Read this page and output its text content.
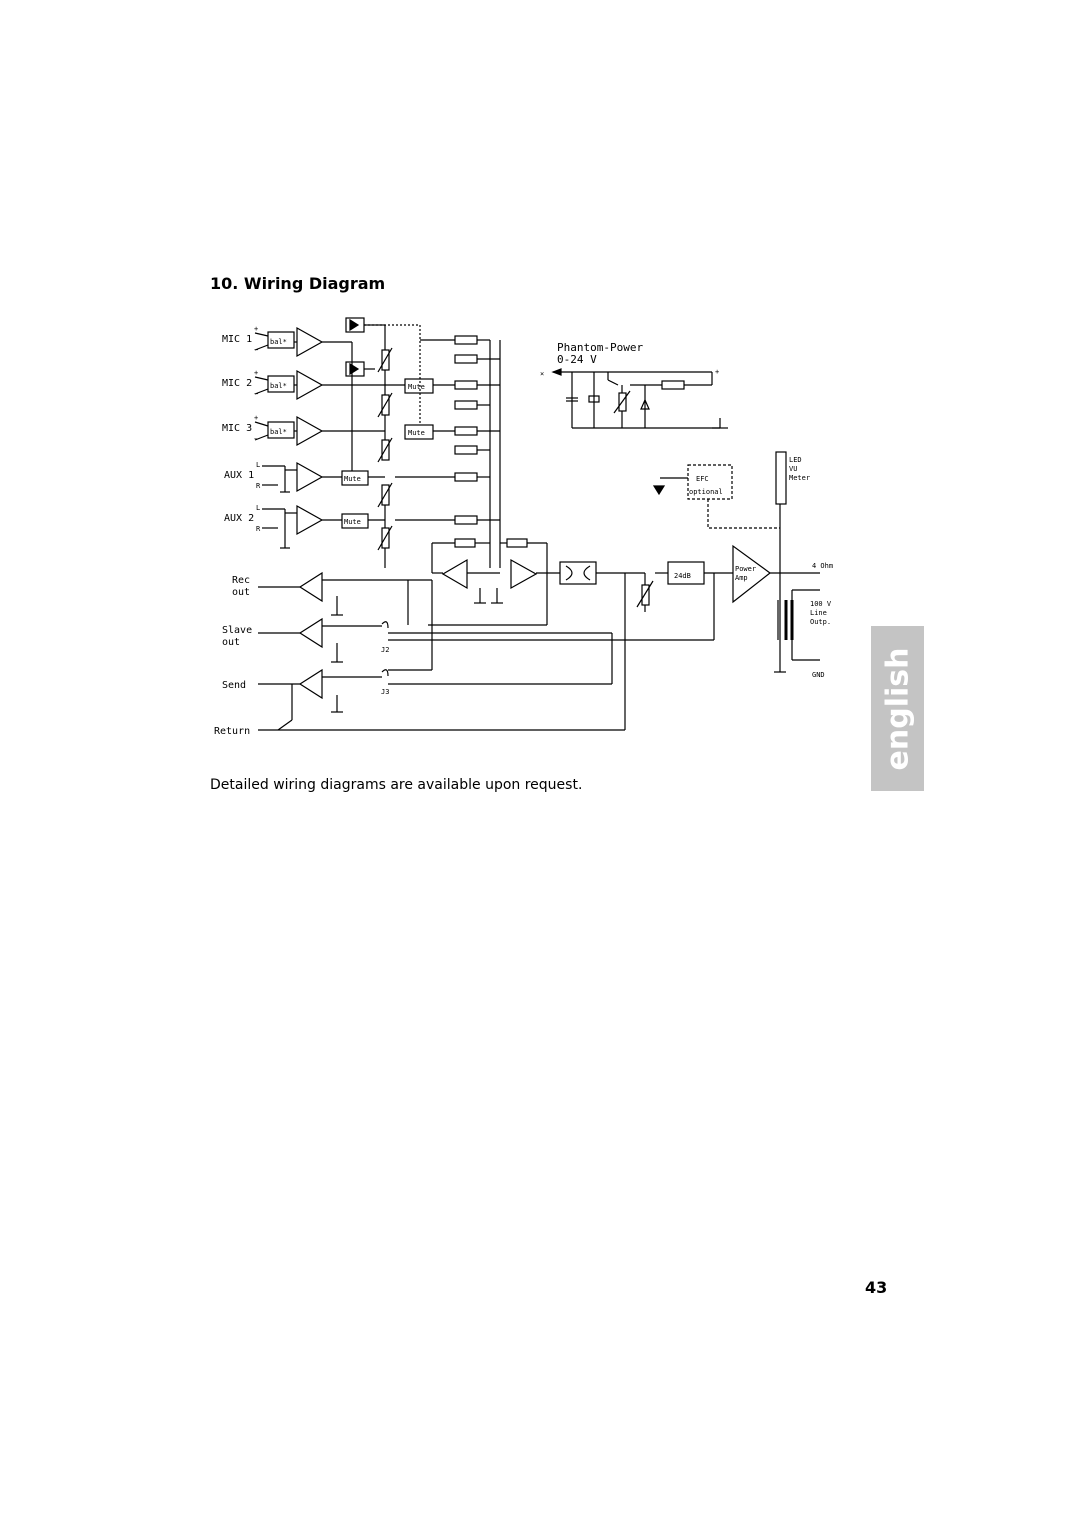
10. Wiring Diagram
MIC 1
MIC 2
MIC 3
AUX 1
AUX 2
Rec
out
Slave
out
Send
Return
Phantom-Power
0-24 V
+
−
+
−
+
−
L
R
L
R
bal*
bal*
bal*
Mute
Mute
Mute
Mute
J2
J3
24dB
Power
Amp
4 Ohm
100 V
Line
Outp.
GND
LED
VU
Meter
EFC
optional
×	+
Detailed wiring diagrams are available upon request.
english
43
